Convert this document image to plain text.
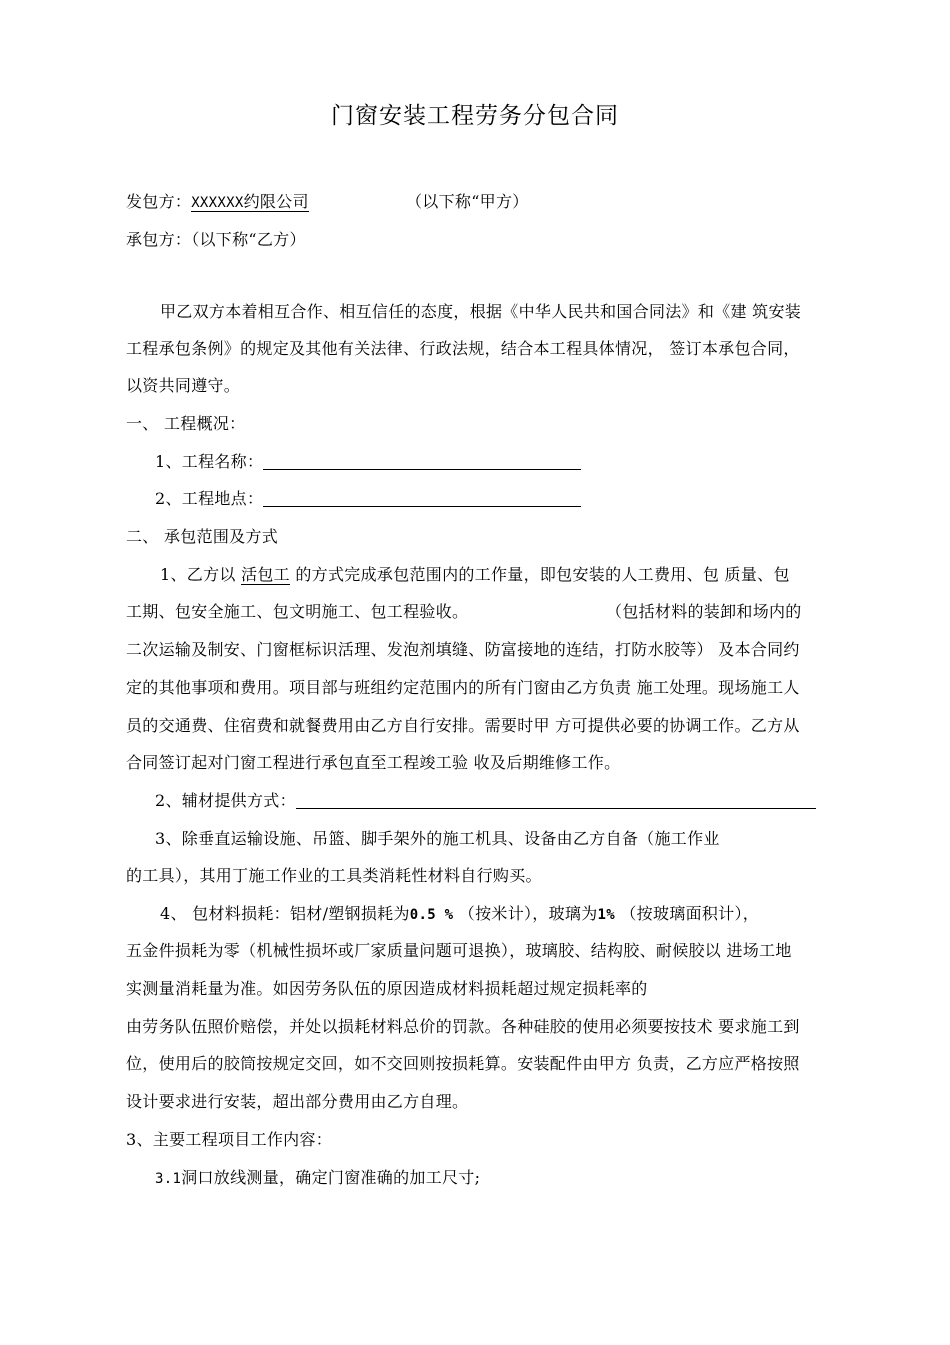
门窗安装工程劳务分包合同
发包方：XXXXXX约限公司	（以下称“甲方）
承包方：（以下称“乙方）
甲乙双方本着相互合作、相互信任的态度，根据《中华人民共和国合同法》和《建 筑安装
工程承包条例》的规定及其他有关法律、行政法规，结合本工程具体情况， 签订本承包合同，
以资共同遵守。
一、 工程概况：
1、工程名称：
2、工程地点：
二、 承包范围及方式
1、乙方以 活包工 的方式完成承包范围内的工作量，即包安装的人工费用、包 质量、包
工期、包安全施工、包文明施工、包工程验收。	（包括材料的装卸和场内的
二次运输及制安、门窗框标识活理、发泡剂填缝、防富接地的连结，打防水胶等） 及本合同约
定的其他事项和费用。项目部与班组约定范围内的所有门窗由乙方负责 施工处理。现场施工人
员的交通费、住宿费和就餐费用由乙方自行安排。需要时甲 方可提供必要的协调工作。乙方从
合同签订起对门窗工程进行承包直至工程竣工验 收及后期维修工作。
2、辅材提供方式：
3、除垂直运输设施、吊篮、脚手架外的施工机具、设备由乙方自备（施工作业
的工具），其用丁施工作业的工具类消耗性材料自行购买。
4、 包材料损耗：铝材/塑钢损耗为0.5 % （按米计），玻璃为1% （按玻璃面积计），
五金件损耗为零（机械性损坏或厂家质量问题可退换），玻璃胶、结构胶、耐候胶以 进场工地
实测量消耗量为准。如因劳务队伍的原因造成材料损耗超过规定损耗率的
由劳务队伍照价赔偿，并处以损耗材料总价的罚款。各种硅胶的使用必须要按技术 要求施工到
位，使用后的胶筒按规定交回，如不交回则按损耗算。安装配件由甲方 负责，乙方应严格按照
设计要求进行安装，超出部分费用由乙方自理。
3、主要工程项目工作内容：
3.1洞口放线测量，确定门窗准确的加工尺寸;
